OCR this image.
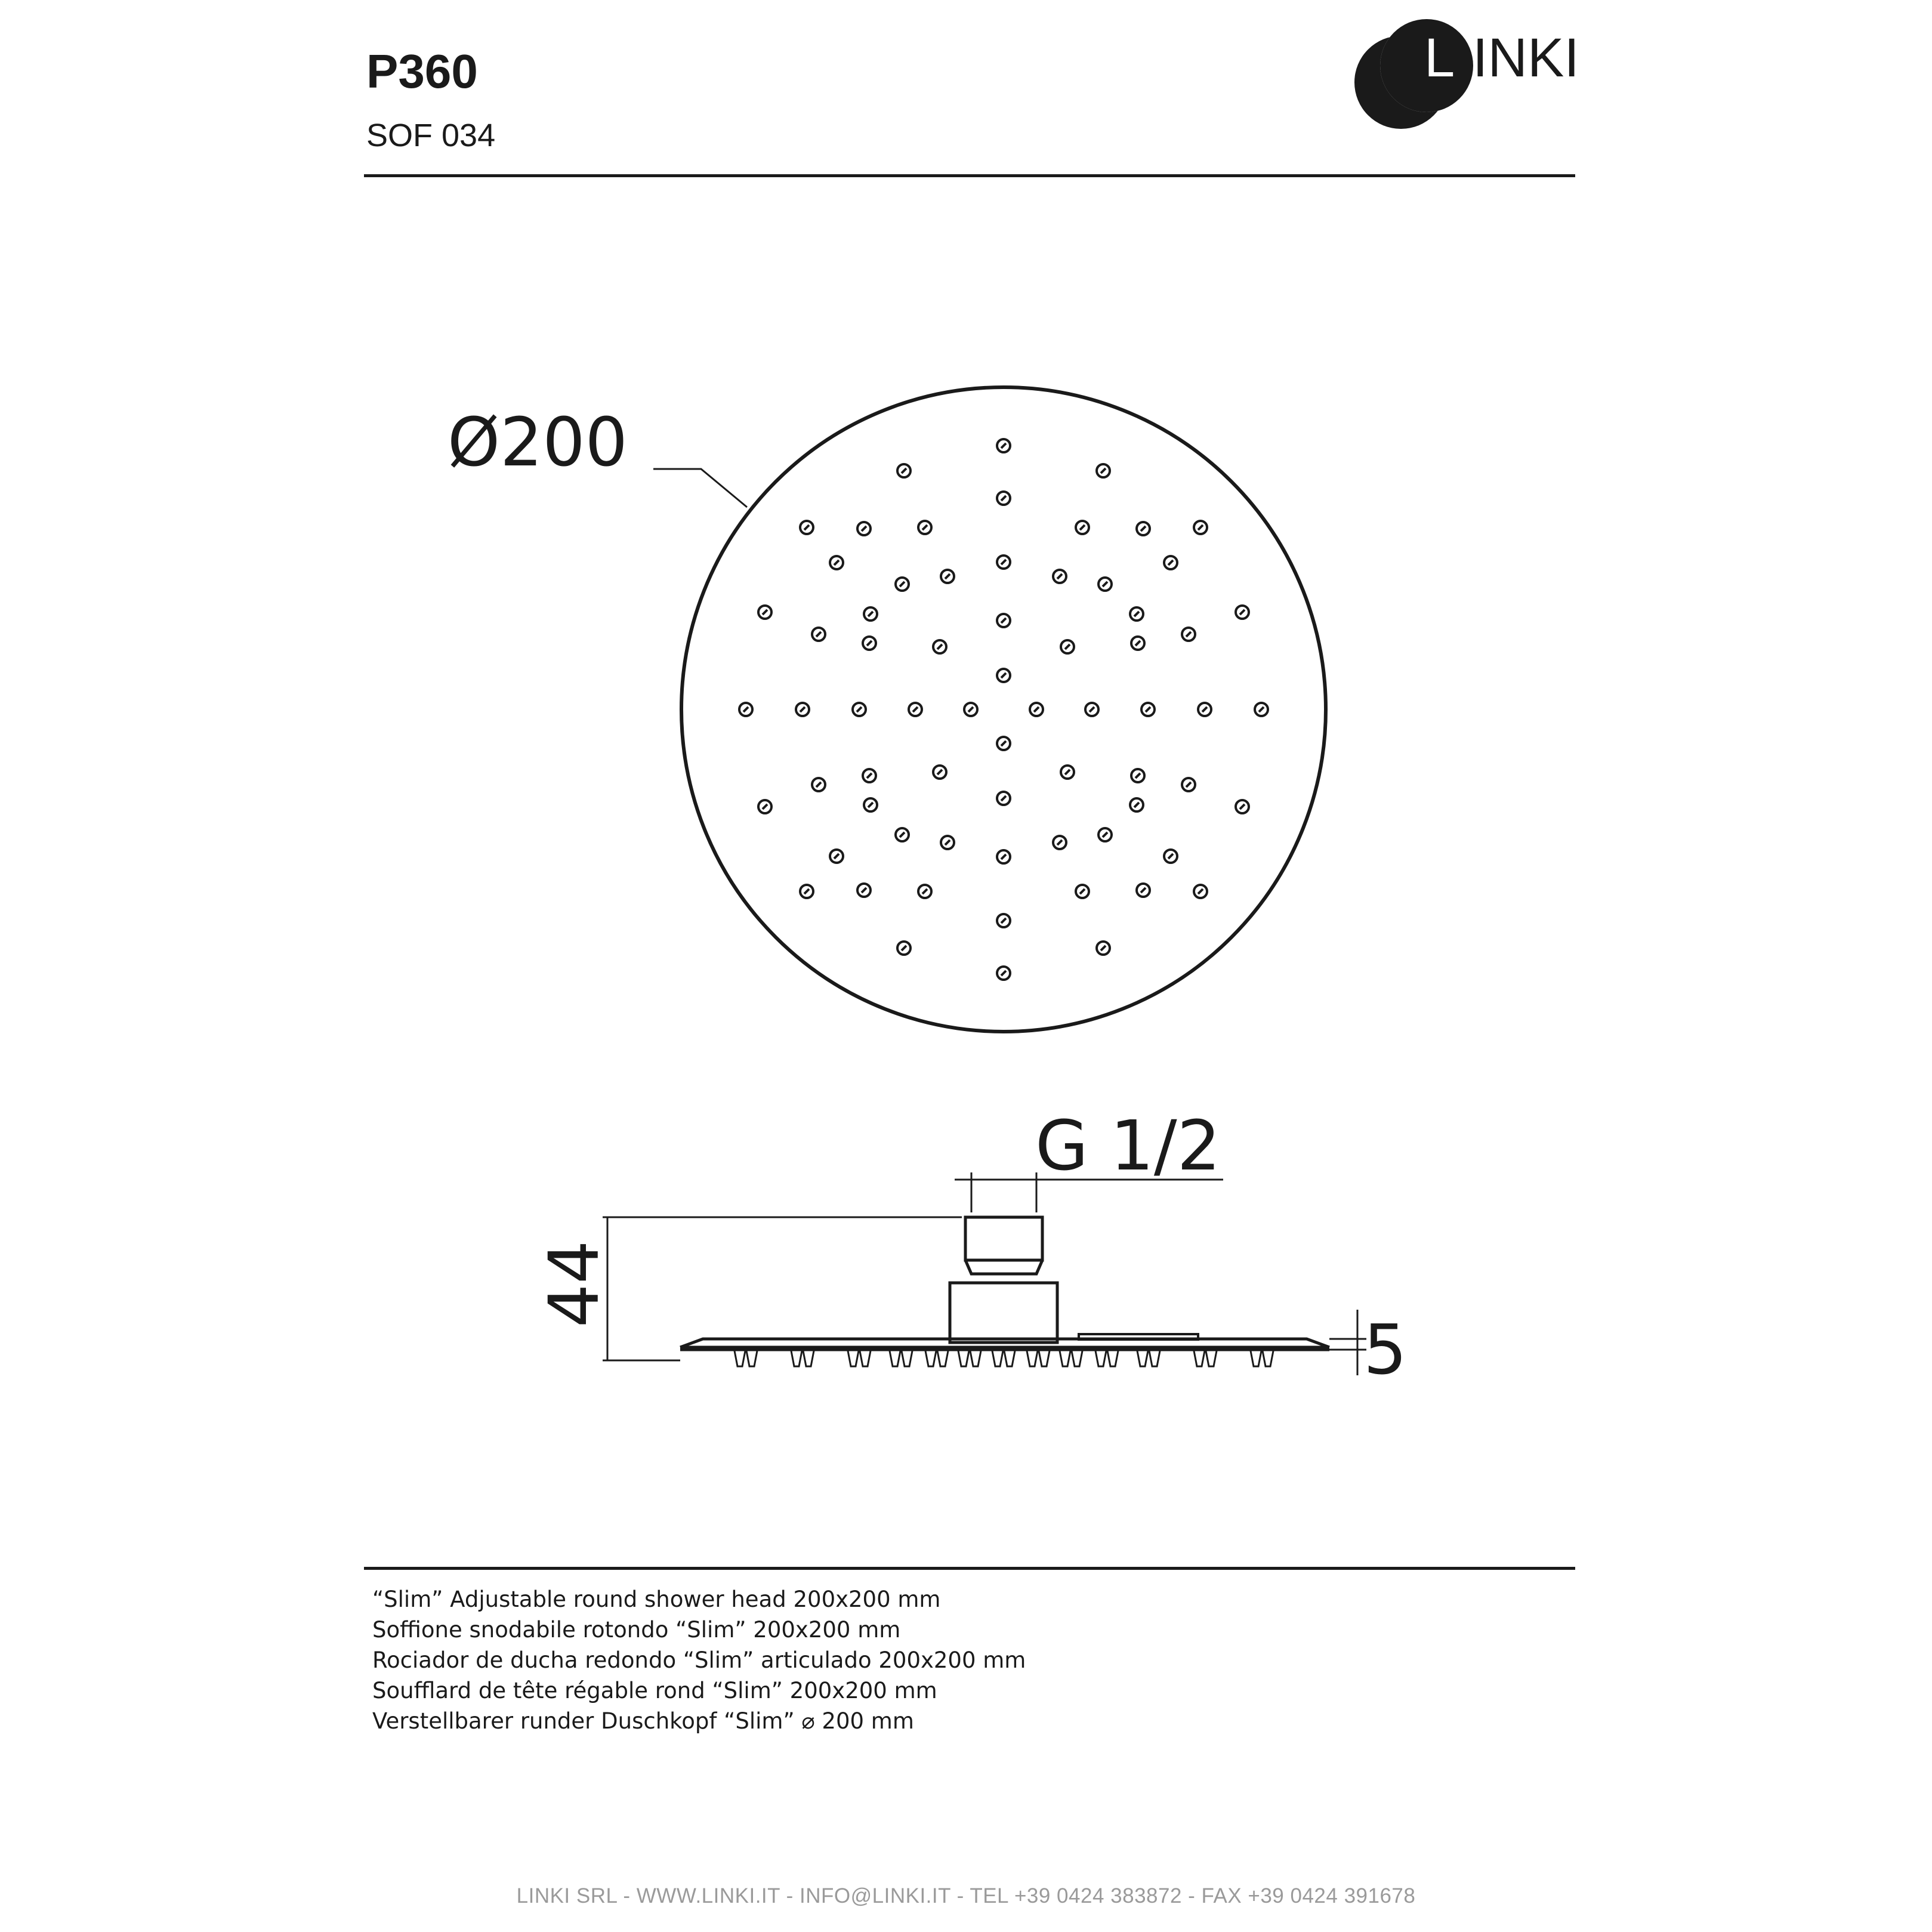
P360
SOF 034
L INKI
Ø200
G 1/2
44
5
“Slim” Adjustable round shower head 200x200 mm
Soffione snodabile rotondo “Slim” 200x200 mm
Rociador de ducha redondo “Slim” articulado 200x200 mm
Soufflard de tête régable rond “Slim” 200x200 mm
Verstellbarer runder Duschkopf “Slim” ⌀ 200 mm
LINKI SRL - WWW.LINKI.IT - INFO@LINKI.IT - TEL +39 0424 383872 - FAX +39 0424 391678
